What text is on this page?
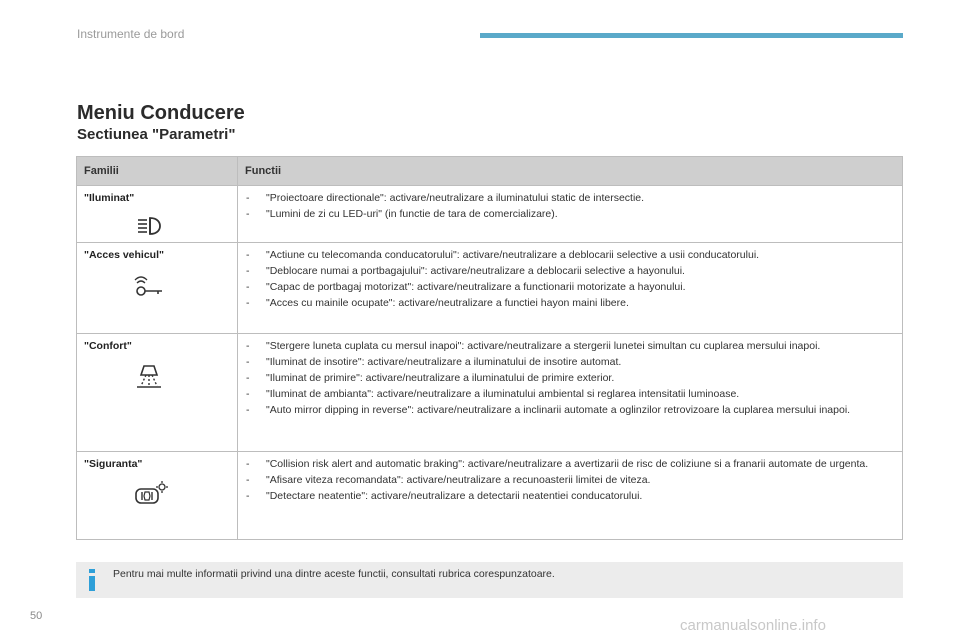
Instrumente de bord
Meniu Conducere
Sectiunea "Parametri"
Familii	Functii
"Iluminat"	-	"Proiectoare directionale": activare/neutralizare a iluminatului static de intersectie.
-	"Lumini de zi cu LED-uri" (in functie de tara de comercializare).
"Acces vehicul"	-	"Actiune cu telecomanda conducatorului": activare/neutralizare a deblocarii selective a usii conducatorului.
-	"Deblocare numai a portbagajului": activare/neutralizare a deblocarii selective a hayonului.
-	"Capac de portbagaj motorizat": activare/neutralizare a functionarii motorizate a hayonului.
-	"Acces cu mainile ocupate": activare/neutralizare a functiei hayon maini libere.
"Confort"	-	"Stergere luneta cuplata cu mersul inapoi": activare/neutralizare a stergerii lunetei simultan cu cuplarea mersului inapoi.
-	"Iluminat de insotire": activare/neutralizare a iluminatului de insotire automat.
-	"Iluminat de primire": activare/neutralizare a iluminatului de primire exterior.
-	"Iluminat de ambianta": activare/neutralizare a iluminatului ambiental si reglarea intensitatii luminoase.
-	"Auto mirror dipping in reverse": activare/neutralizare a inclinarii automate a oglinzilor retrovizoare la cuplarea mersului inapoi.
"Siguranta"	-	"Collision risk alert and automatic braking": activare/neutralizare a avertizarii de risc de coliziune si a franarii automate de urgenta.
-	"Afisare viteza recomandata": activare/neutralizare a recunoasterii limitei de viteza.
-	"Detectare neatentie": activare/neutralizare a detectarii neatentiei conducatorului.
Pentru mai multe informatii privind una dintre aceste functii, consultati rubrica corespunzatoare.
50
carmanualsonline.info
